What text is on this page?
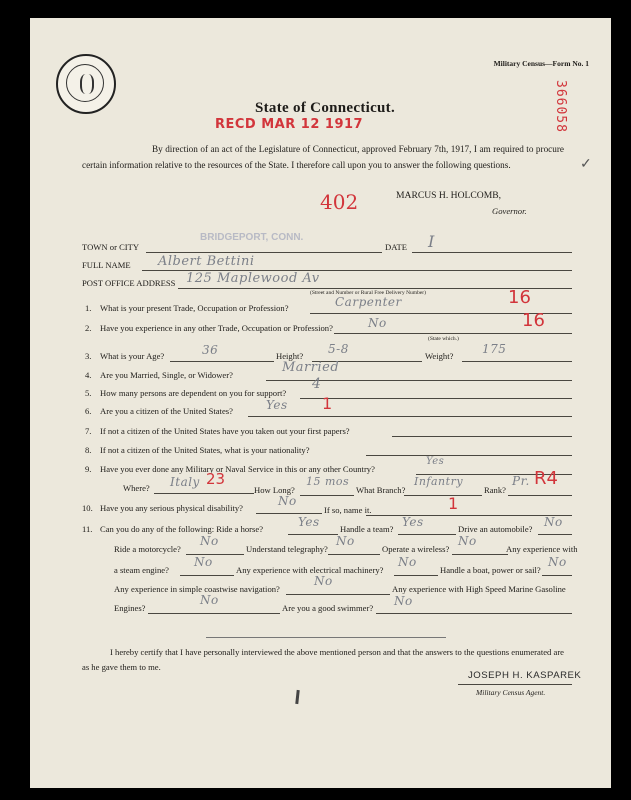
Military Census—Form No. 1
366058
✓
State of Connecticut.
RECD MAR 12 1917
By direction of an act of the Legislature of Connecticut, approved February 7th, 1917, I am required to procure certain information relative to the resources of the State. I therefore call upon you to answer the following questions.
402	MARCUS H. HOLCOMB,
Governor.
TOWN or CITY
BRIDGEPORT, CONN.
DATE I
FULL NAME Albert Bettini
POST OFFICE ADDRESS 125 Maplewood Av
(Street and Number or Rural Free Delivery Number)
1. What is your present Trade, Occupation or Profession?	Carpenter	16
2. Have you experience in any other Trade, Occupation or Profession?	No	16
(State which.)
3. What is your Age?	36	Height? 5-8	Weight? 175
4. Are you Married, Single, or Widower?	Married
5. How many persons are dependent on you for support?
4
6. Are you a citizen of the United States?	Yes 1
7. If not a citizen of the United States have you taken out your first papers?
8. If not a citizen of the United States, what is your nationality?
9. Have you ever done any Military or Naval Service in this or any other Country?
Yes
Where? Italy 23
How Long?
15 mos
What Branch?
Infantry
Rank?
Pr. R4
10. Have you any serious physical disability?	No
If so, name it.	1
11. Can you do any of the following: Ride a horse?	Yes Handle a team? Yes	Drive an automobile? No
Ride a motorcycle?
No
Understand telegraphy?
No
Operate a wireless?
No
Any experience with
a steam engine?
No
Any experience with electrical machinery?
No
Handle a boat, power or sail?
No
Any experience in simple coastwise navigation?
No
Any experience with High Speed Marine Gasoline
Engines?
No
Are you a good swimmer? No
I hereby certify that I have personally interviewed the above mentioned person and that the answers to the questions enumerated are as he gave them to me.
JOSEPH H. KASPAREK
Military Census Agent.
